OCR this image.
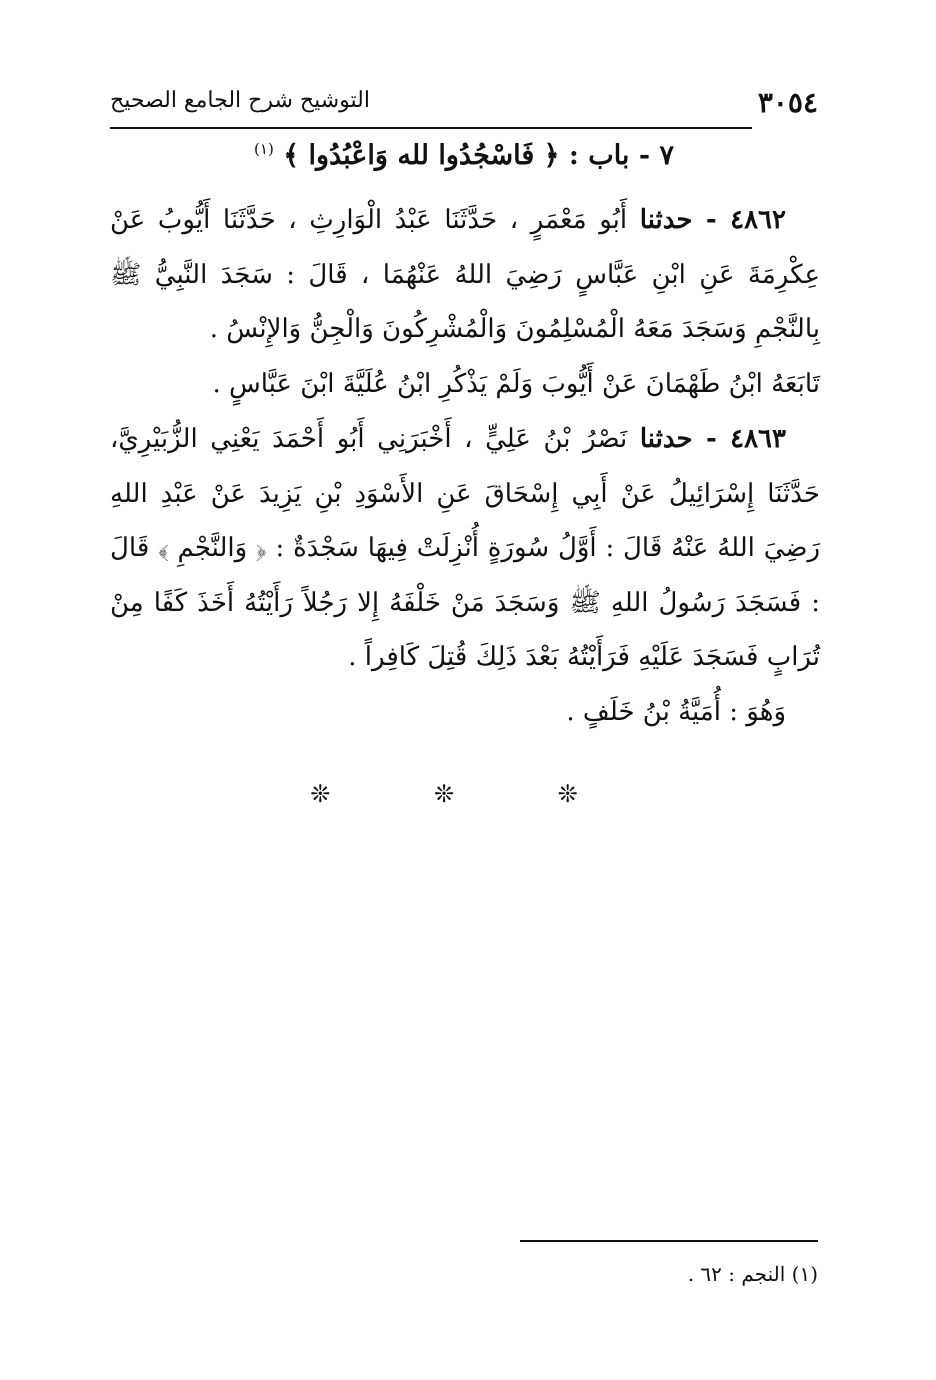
٣٠٥٤
التوشيح شرح الجامع الصحيح
٧ - باب : ﴿ فَاسْجُدُوا لله وَاعْبُدُوا ﴾ $^{(١)}$

٤٨٦٢ - حدثنا أَبُو مَعْمَرٍ ، حَدَّثَنَا عَبْدُ الْوَارِثِ ، حَدَّثَنَا أَيُّوبُ عَنْ عِكْرِمَةَ عَنِ ابْنِ عَبَّاسٍ رَضِيَ اللهُ عَنْهُمَا ، قَالَ : سَجَدَ النَّبِيُّ ﷺ بِالنَّجْمِ وَسَجَدَ مَعَهُ الْمُسْلِمُونَ وَالْمُشْرِكُونَ وَالْجِنُّ وَالإِنْسُ .

تَابَعَهُ ابْنُ طَهْمَانَ عَنْ أَيُّوبَ وَلَمْ يَذْكُرِ ابْنُ عُلَيَّةَ ابْنَ عَبَّاسٍ .

٤٨٦٣ - حدثنا نَصْرُ بْنُ عَلِيٍّ ، أَخْبَرَنِي أَبُو أَحْمَدَ يَعْنِي الزُّبَيْرِيَّ، حَدَّثَنَا إِسْرَائِيلُ عَنْ أَبِي إِسْحَاقَ عَنِ الأَسْوَدِ بْنِ يَزِيدَ عَنْ عَبْدِ اللهِ رَضِيَ اللهُ عَنْهُ قَالَ : أَوَّلُ سُورَةٍ أُنْزِلَتْ فِيهَا سَجْدَةٌ : ﴿ وَالنَّجْمِ ﴾ قَالَ : فَسَجَدَ رَسُولُ اللهِ ﷺ وَسَجَدَ مَنْ خَلْفَهُ إِلا رَجُلاً رَأَيْتُهُ أَخَذَ كَفًا مِنْ تُرَابٍ فَسَجَدَ عَلَيْهِ فَرَأَيْتُهُ بَعْدَ ذَلِكَ قُتِلَ كَافِراً .

وَهُوَ : أُمَيَّةُ بْنُ خَلَفٍ .

❊ ❊ ❊
(١) النجم : ٦٢ .
